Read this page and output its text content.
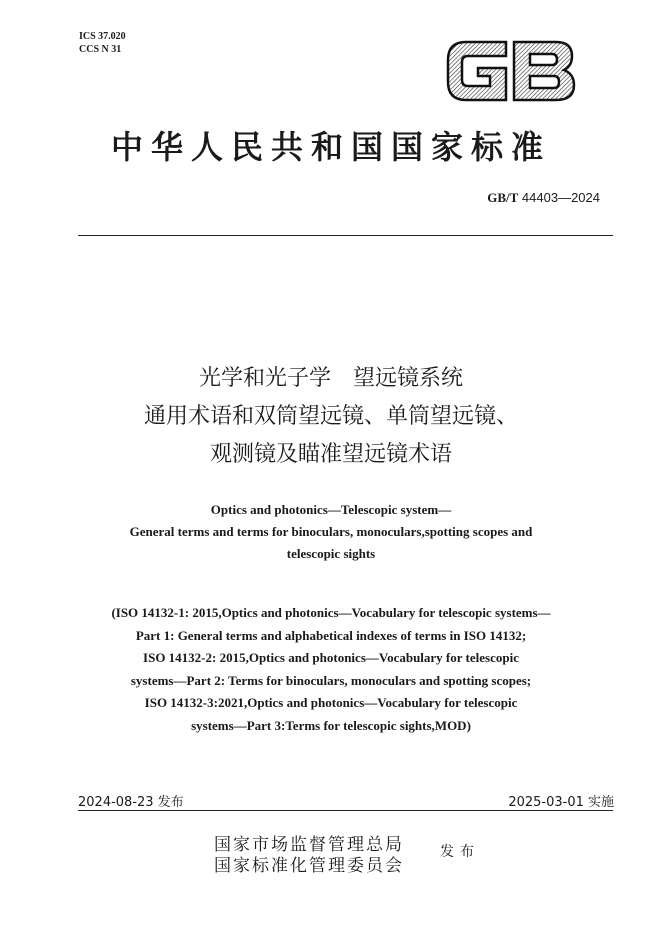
ICS 37.020
CCS N 31
中华人民共和国国家标准
GB/T 44403—2024
光学和光子学　望远镜系统
通用术语和双筒望远镜、单筒望远镜、
观测镜及瞄准望远镜术语
Optics and photonics—Telescopic system—
General terms and terms for binoculars, monoculars,spotting scopes and
telescopic sights
(ISO 14132-1: 2015,Optics and photonics—Vocabulary for telescopic systems—
Part 1: General terms and alphabetical indexes of terms in ISO 14132;
ISO 14132-2: 2015,Optics and photonics—Vocabulary for telescopic
systems—Part 2: Terms for binoculars, monoculars and spotting scopes;
ISO 14132-3:2021,Optics and photonics—Vocabulary for telescopic
systems—Part 3:Terms for telescopic sights,MOD)
2024-08-23 发布	2025-03-01 实施
国家市场监督管理总局
国家标准化管理委员会
发布
